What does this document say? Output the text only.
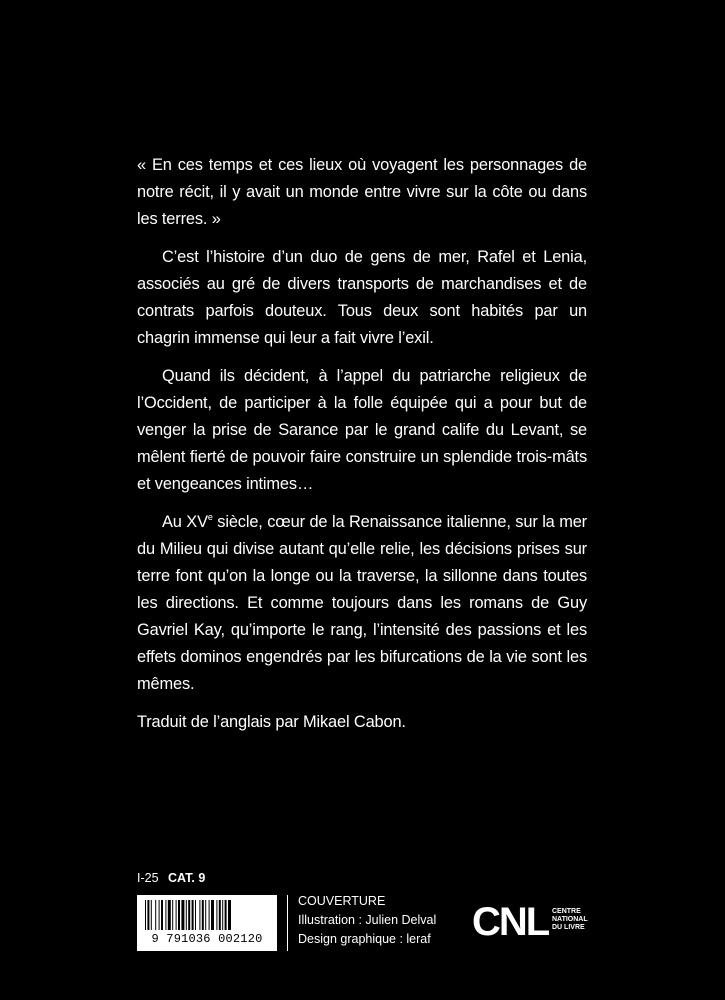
« En ces temps et ces lieux où voyagent les personnages de notre récit, il y avait un monde entre vivre sur la côte ou dans les terres. »

C’est l’histoire d’un duo de gens de mer, Rafel et Lenia, associés au gré de divers transports de marchandises et de contrats parfois douteux. Tous deux sont habités par un chagrin immense qui leur a fait vivre l’exil.

Quand ils décident, à l’appel du patriarche religieux de l’Occident, de participer à la folle équipée qui a pour but de venger la prise de Sarance par le grand calife du Levant, se mêlent fierté de pouvoir faire construire un splendide trois-mâts et vengeances intimes…

Au XVe siècle, cœur de la Renaissance italienne, sur la mer du Milieu qui divise autant qu’elle relie, les décisions prises sur terre font qu’on la longe ou la traverse, la sillonne dans toutes les directions. Et comme toujours dans les romans de Guy Gavriel Kay, qu’importe le rang, l’intensité des passions et les effets dominos engendrés par les bifurcations de la vie sont les mêmes.

Traduit de l’anglais par Mikael Cabon.

I-25 CAT. 9
9 791036 002120
COUVERTURE
Illustration : Julien Delval
Design graphique : leraf CNL CENTRE
NATIONAL
DU LIVRE
